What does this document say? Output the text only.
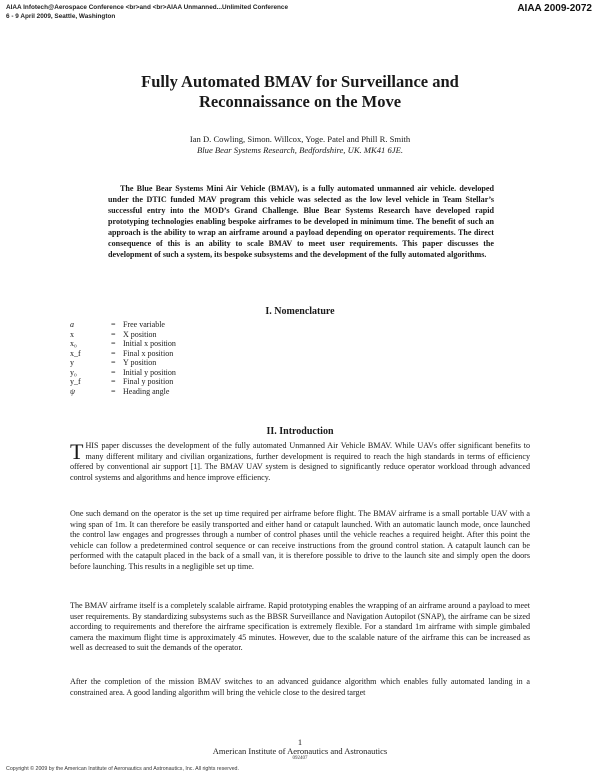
AIAA Infotech@Aerospace Conference <br>and <br>AIAA Unmanned...Unlimited Conference
6 - 9 April 2009, Seattle, Washington
AIAA 2009-2072
Fully Automated BMAV for Surveillance and
Reconnaissance on the Move
Ian D. Cowling, Simon. Willcox, Yoge. Patel and Phill R. Smith
Blue Bear Systems Research, Bedfordshire, UK. MK41 6JE.

The Blue Bear Systems Mini Air Vehicle (BMAV), is a fully automated unmanned air vehicle. developed under the DTIC funded MAV program this vehicle was selected as the low level vehicle in Team Stellar’s successful entry into the MOD’s Grand Challenge. Blue Bear Systems Research have developed rapid prototyping technologies enabling bespoke airframes to be developed in minimum time. The benefit of such an approach is the ability to wrap an airframe around a payload depending on operator requirements. The direct consequence of this is an ability to scale BMAV to meet user requirements. This paper discusses the development of such a system, its bespoke subsystems and the development of the fully automated algorithms.

I. Nomenclature
a	=	Free variable
x	=	X position
x₀	=	Initial x position
x_f	=	Final x position
y	=	Y position
y₀	=	Initial y position
y_f	=	Final y position
ψ	=	Heading angle
II. Introduction

THIS paper discusses the development of the fully automated Unmanned Air Vehicle BMAV. While UAVs offer significant benefits to many different military and civilian organizations, further development is required to reach the high standards in terms of efficiency offered by conventional air support [1]. The BMAV UAV system is designed to significantly reduce operator workload through advanced control systems and algorithms and hence improve efficiency.

One such demand on the operator is the set up time required per airframe before flight. The BMAV airframe is a small portable UAV with a wing span of 1m. It can therefore be easily transported and either hand or catapult launched. With an automatic launch mode, once launched the control law engages and progresses through a number of control phases until the vehicle reaches a required height. After this point the vehicle can follow a predetermined control sequence or can receive instructions from the ground control station. A catapult launch can be performed with the catapult placed in the back of a small van, it is therefore possible to drive to the launch site and simply open the doors before launching. This results in a negligible set up time.

The BMAV airframe itself is a completely scalable airframe. Rapid prototyping enables the wrapping of an airframe around a payload to meet user requirements. By standardizing subsystems such as the BBSR Surveillance and Navigation Autopilot (SNAP), the airframe can be sized according to requirements and therefore the airframe specification is extremely flexible. For a standard 1m airframe with simple gimbaled camera the maximum flight time is approximately 45 minutes. However, due to the scalable nature of the airframe this can be increased as well as decreased to suit the demands of the operator.

After the completion of the mission BMAV switches to an advanced guidance algorithm which enables fully automated landing in a constrained area. A good landing algorithm will bring the vehicle close to the desired target

1
American Institute of Aeronautics and Astronautics
092407
Copyright © 2009 by the American Institute of Aeronautics and Astronautics, Inc. All rights reserved.
